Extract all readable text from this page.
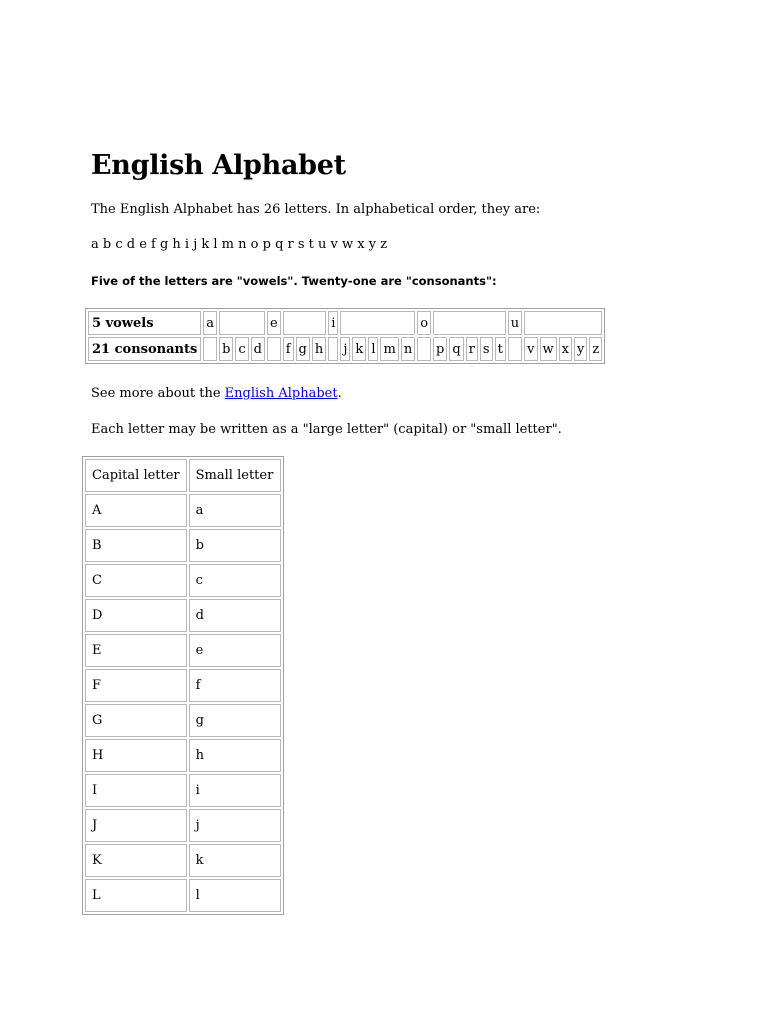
English Alphabet

The English Alphabet has 26 letters. In alphabetical order, they are:

a b c d e f g h i j k l m n o p q r s t u v w x y z

Five of the letters are "vowels". Twenty-one are "consonants":

5 vowels	a				e				i						o						u					
21 consonants		b	c	d		f	g	h		j	k	l	m	n		p	q	r	s	t		v	w	x	y	z

See more about the English Alphabet.

Each letter may be written as a "large letter" (capital) or "small letter".

Capital letter	Small letter
A	a
B	b
C	c
D	d
E	e
F	f
G	g
H	h
I	i
J	j
K	k
L	l
